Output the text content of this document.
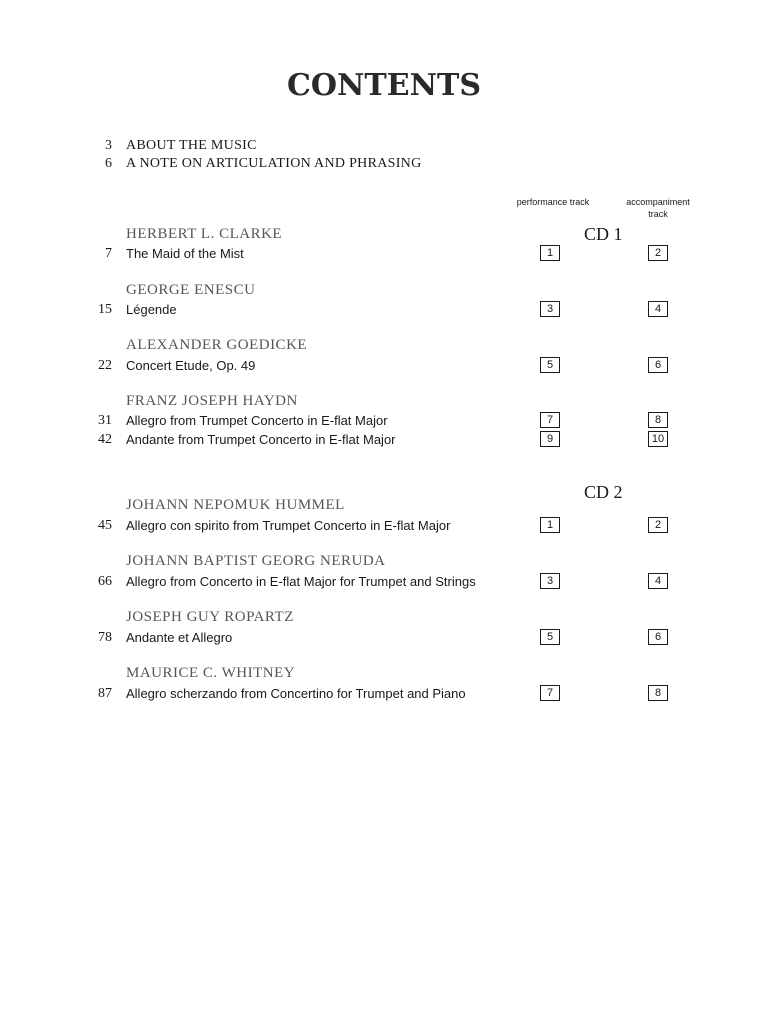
CONTENTS
3 ABOUT THE MUSIC
6 A NOTE ON ARTICULATION AND PHRASING
performance track	accompaniment track
CD 1
CD 2
HERBERT L. CLARKE
7 The Maid of the Mist	1	2
GEORGE ENESCU
15 Légende	3	4
ALEXANDER GOEDICKE
22 Concert Etude, Op. 49	5	6
FRANZ JOSEPH HAYDN
31 Allegro from Trumpet Concerto in E-flat Major	7	8
42 Andante from Trumpet Concerto in E-flat Major	9	10
JOHANN NEPOMUK HUMMEL
45 Allegro con spirito from Trumpet Concerto in E-flat Major	1	2
JOHANN BAPTIST GEORG NERUDA
66 Allegro from Concerto in E-flat Major for Trumpet and Strings	3	4
JOSEPH GUY ROPARTZ
78 Andante et Allegro	5	6
MAURICE C. WHITNEY
87 Allegro scherzando from Concertino for Trumpet and Piano	7	8
